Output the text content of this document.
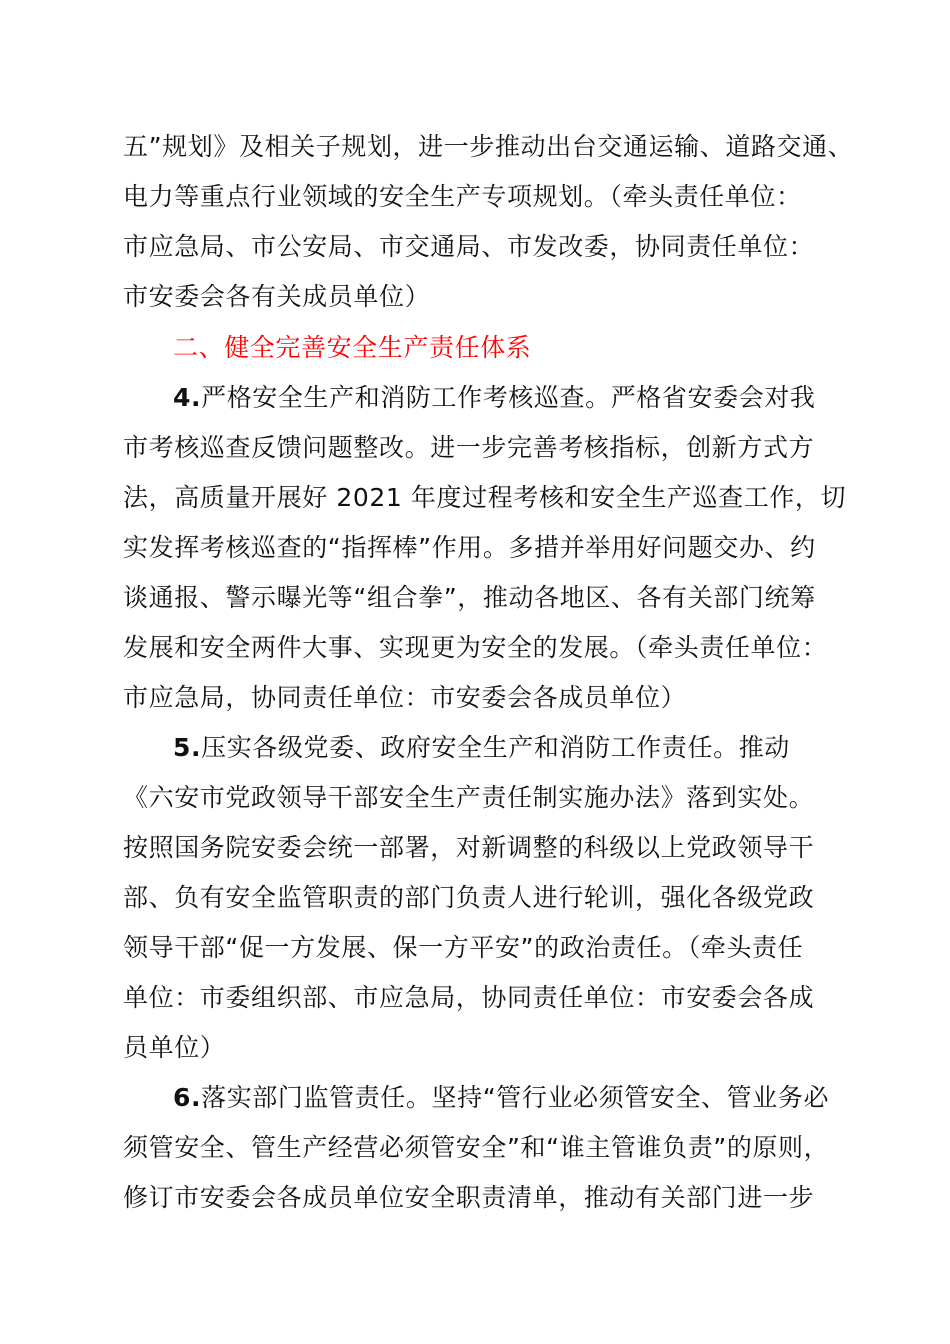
五”规划》及相关子规划，进一步推动出台交通运输、道路交通、
电力等重点行业领域的安全生产专项规划。（牵头责任单位：
市应急局、市公安局、市交通局、市发改委，协同责任单位：
市安委会各有关成员单位）
二、健全完善安全生产责任体系
4.严格安全生产和消防工作考核巡查。严格省安委会对我
市考核巡查反馈问题整改。进一步完善考核指标，创新方式方
法，高质量开展好 2021 年度过程考核和安全生产巡查工作，切
实发挥考核巡查的“指挥棒”作用。多措并举用好问题交办、约
谈通报、警示曝光等“组合拳”，推动各地区、各有关部门统筹
发展和安全两件大事、实现更为安全的发展。（牵头责任单位：
市应急局，协同责任单位：市安委会各成员单位）
5.压实各级党委、政府安全生产和消防工作责任。推动
《六安市党政领导干部安全生产责任制实施办法》落到实处。
按照国务院安委会统一部署，对新调整的科级以上党政领导干
部、负有安全监管职责的部门负责人进行轮训，强化各级党政
领导干部“促一方发展、保一方平安”的政治责任。（牵头责任
单位：市委组织部、市应急局，协同责任单位：市安委会各成
员单位）
6.落实部门监管责任。坚持“管行业必须管安全、管业务必
须管安全、管生产经营必须管安全”和“谁主管谁负责”的原则，
修订市安委会各成员单位安全职责清单，推动有关部门进一步
